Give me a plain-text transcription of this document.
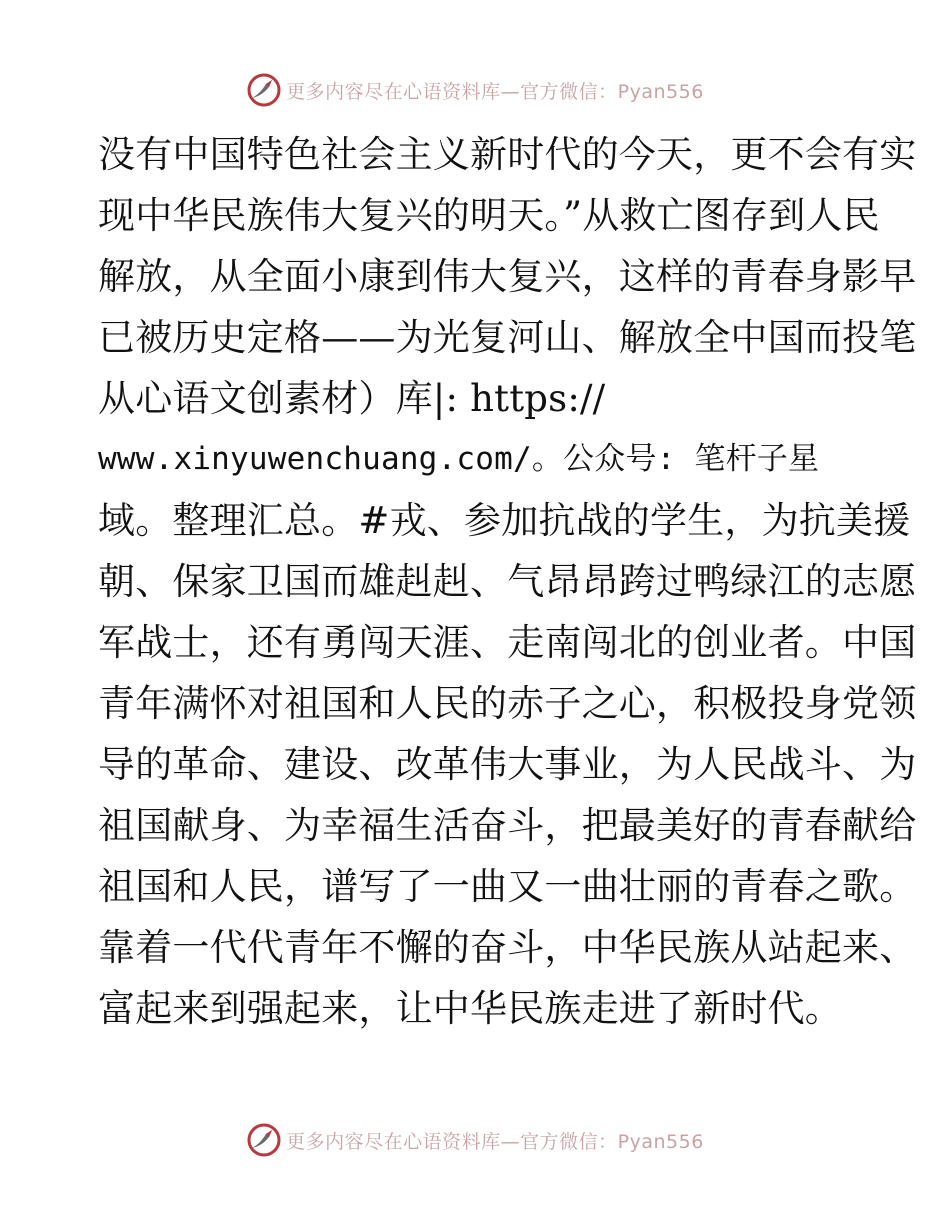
更多内容尽在心语资料库—官方微信：Pyan556
没有中国特色社会主义新时代的今天，更不会有实
现中华民族伟大复兴的明天。”从救亡图存到人民
解放，从全面小康到伟大复兴，这样的青春身影早
已被历史定格——为光复河山、解放全中国而投笔
从心语文创素材）库|: https://
www.xinyuwenchuang.com/。公众号: 笔杆子星
域。整理汇总。#戎、参加抗战的学生，为抗美援
朝、保家卫国而雄赳赳、气昂昂跨过鸭绿江的志愿
军战士，还有勇闯天涯、走南闯北的创业者。中国
青年满怀对祖国和人民的赤子之心，积极投身党领
导的革命、建设、改革伟大事业，为人民战斗、为
祖国献身、为幸福生活奋斗，把最美好的青春献给
祖国和人民，谱写了一曲又一曲壮丽的青春之歌。
靠着一代代青年不懈的奋斗，中华民族从站起来、
富起来到强起来，让中华民族走进了新时代。
更多内容尽在心语资料库—官方微信：Pyan556
